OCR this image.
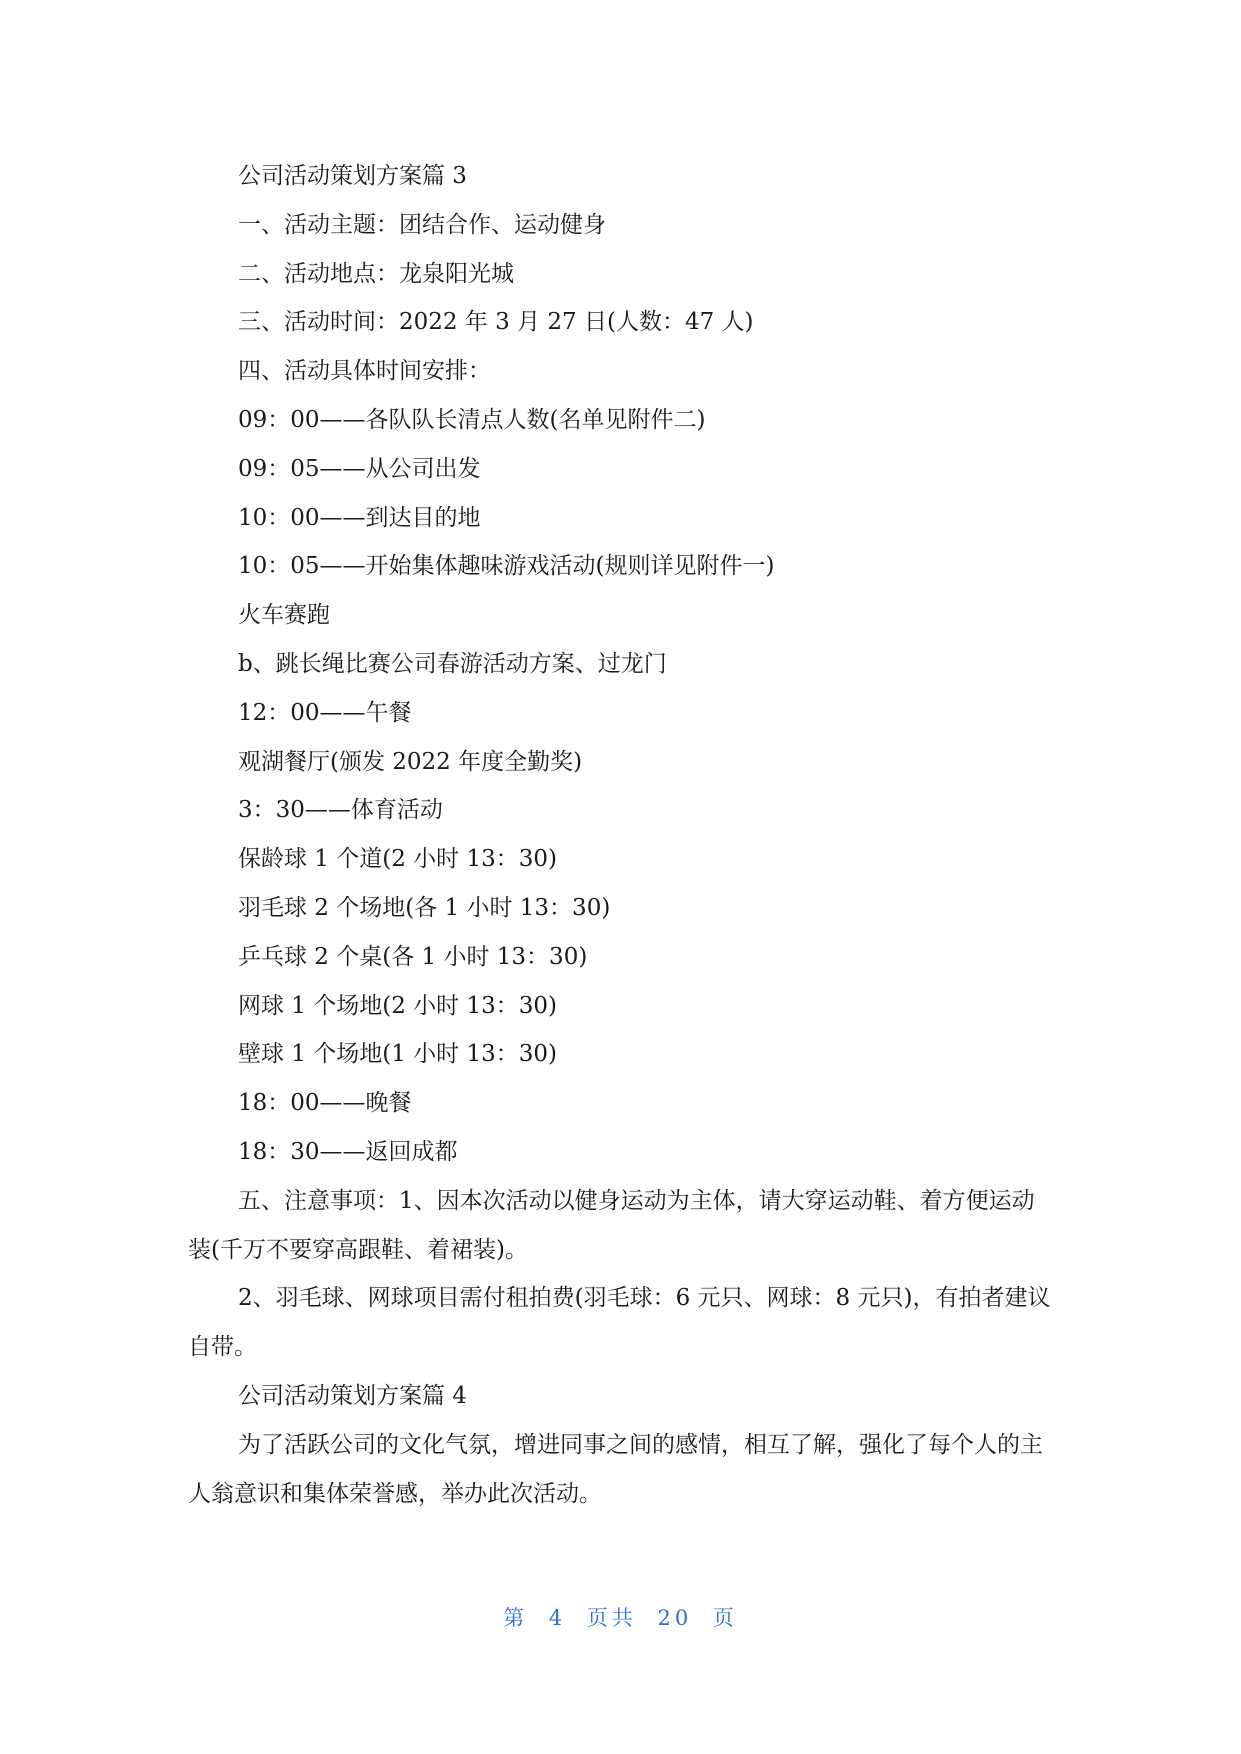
公司活动策划方案篇 3
一、活动主题：团结合作、运动健身
二、活动地点：龙泉阳光城
三、活动时间：2022 年 3 月 27 日(人数：47 人)
四、活动具体时间安排：
09：00——各队队长清点人数(名单见附件二)
09：05——从公司出发
10：00——到达目的地
10：05——开始集体趣味游戏活动(规则详见附件一)
火车赛跑
b、跳长绳比赛公司春游活动方案、过龙门
12：00——午餐
观湖餐厅(颁发 2022 年度全勤奖)
3：30——体育活动
保龄球 1 个道(2 小时 13：30)
羽毛球 2 个场地(各 1 小时 13：30)
乒乓球 2 个桌(各 1 小时 13：30)
网球 1 个场地(2 小时 13：30)
壁球 1 个场地(1 小时 13：30)
18：00——晚餐
18：30——返回成都

五、注意事项：1、因本次活动以健身运动为主体，请大穿运动鞋、着方便运动装(千万不要穿高跟鞋、着裙装)。

2、羽毛球、网球项目需付租拍费(羽毛球：6 元只、网球：8 元只)，有拍者建议自带。

公司活动策划方案篇 4

为了活跃公司的文化气氛，增进同事之间的感情，相互了解，强化了每个人的主人翁意识和集体荣誉感，举办此次活动。

第 4 页共 20 页
